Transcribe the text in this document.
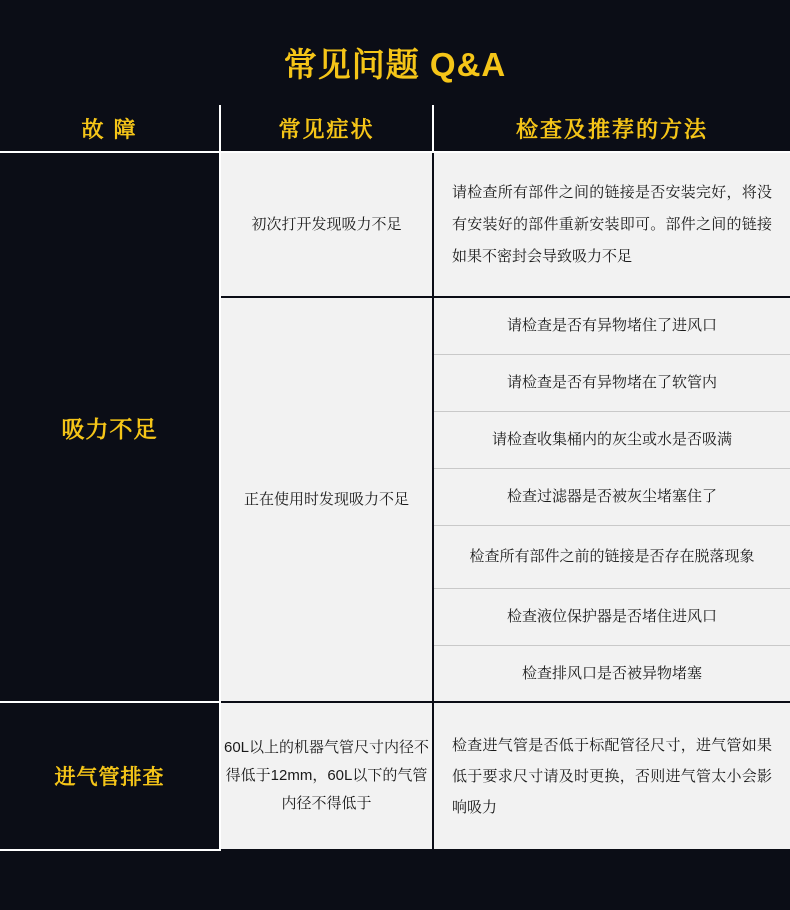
常见问题 Q&A
故 障	常见症状	检查及推荐的方法
吸力不足	初次打开发现吸力不足	请检查所有部件之间的链接是否安装完好，将没有安装好的部件重新安装即可。部件之间的链接如果不密封会导致吸力不足
	正在使用时发现吸力不足	请检查是否有异物堵住了进风口
		请检查是否有异物堵在了软管内
		请检查收集桶内的灰尘或水是否吸满
		检查过滤器是否被灰尘堵塞住了
		检查所有部件之前的链接是否存在脱落现象
		检查液位保护器是否堵住进风口
		检查排风口是否被异物堵塞
进气管排查	60L以上的机器气管尺寸内径不得低于12mm，60L以下的气管内径不得低于	检查进气管是否低于标配管径尺寸，进气管如果低于要求尺寸请及时更换，否则进气管太小会影响吸力
